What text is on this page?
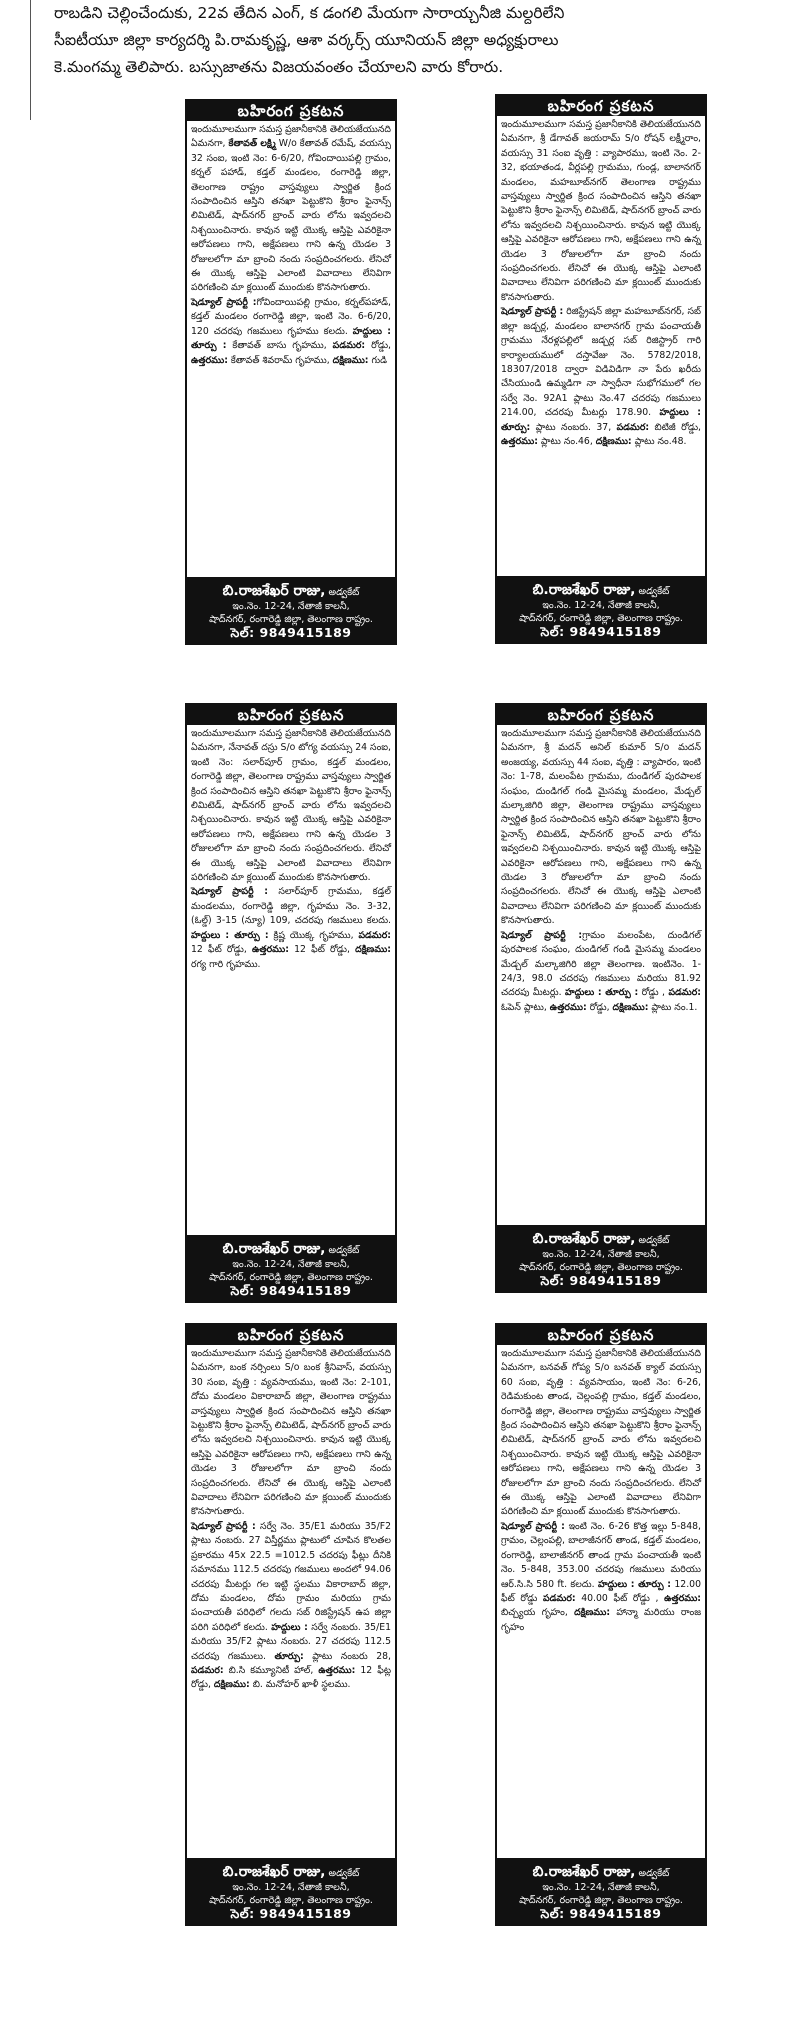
రాబడిని చెల్లించేందుకు, 22వ తేదిన ఎంగ్, క డంగలి మేయగా సారాయ్చనీజి మల్దరిలేని

సీఐటీయూ జిల్లా కార్యదర్శి పి.రామకృష్ణ, ఆశా వర్కర్స్ యూనియన్ జిల్లా అధ్యక్షురాలు

కె.మంగమ్మ తెలిపారు. బస్సుజాతను విజయవంతం చేయాలని వారు కోరారు.

బహిరంగ ప్రకటన

ఇందుమూలముగా సమస్త ప్రజానీకానికి తెలియజేయునది ఏమనగా, కేతావత్ లక్ష్మి W/o కేతావత్ రమేష్, వయస్సు 32 సంఐ, ఇంటి నెం: 6-6/20, గోవిందాయిపల్లి గ్రామం, కర్నల్ పహాడ్, కడ్తల్ మండలం, రంగారెడ్డి జిల్లా, తెలంగాణ రాష్ట్రం వాస్తవ్యులు స్వార్జిత క్రింద సంపాదించిన ఆస్తిని తనఖా పెట్టుకొని శ్రీరాం ఫైనాన్స్ లిమిటెడ్, షాద్‌నగర్ బ్రాంచ్ వారు లోను ఇవ్వదలచి నిశ్చయించినారు. కావున ఇట్టి యొక్క ఆస్తిపై ఎవరికైనా ఆరోపణలు గాని, అక్షేపణలు గాని ఉన్న యెడల 3 రోజులలోగా మా బ్రాంచి నందు సంప్రదించగలరు. లేనిచో ఈ యొక్క ఆస్తిపై ఎలాంటి వివాదాలు లేనివిగా పరిగణించి మా క్లయింట్ ముందుకు కొనసాగుతారు.
షెడ్యూల్ ప్రాపర్టీ :గోవిందాయిపల్లి గ్రామం, కర్నల్‌పహాడ్, కడ్తల్ మండలం రంగారెడ్డి జిల్లా, ఇంటి నెం. 6-6/20, 120 చదరపు గజములు గృహము కలదు. హద్దులు : తూర్పు : కేతావత్ బాసు గృహము, పడమర: రోడ్డు, ఉత్తరము: కేతావత్ శివరామ్ గృహము, దక్షిణము: గుడి

బి.రాజశేఖర్ రాజు, అడ్వకేట్
ఇం.నెం. 12-24, నేతాజీ కాలనీ,
షాద్‌నగర్, రంగారెడ్డి జిల్లా, తెలంగాణ రాష్ట్రం.
సెల్: 9849415189
బహిరంగ ప్రకటన

ఇందుమూలముగా సమస్త ప్రజానీకానికి తెలియజేయునది ఏమనగా, శ్రీ డేగావత్ జయరామ్ S/o రోషన్ లక్ష్మీరాం, వయస్సు 31 సంఐ వృత్తి : వ్యాపారము, ఇంటి నెం. 2-32, భయాతండ, వీర్లపల్లి గ్రామము, గుండ్ల, బాలానగర్ మండలం, మహబూబ్‌నగర్ తెలంగాణ రాష్ట్రము వాస్తవ్యులు స్వార్జిత క్రింద సంపాదించిన ఆస్తిని తనఖా పెట్టుకొని శ్రీరాం ఫైనాన్స్ లిమిటెడ్, షాద్‌నగర్ బ్రాంచ్ వారు లోను ఇవ్వదలచి నిశ్చయించినారు. కావున ఇట్టి యొక్క ఆస్తిపై ఎవరికైనా ఆరోపణలు గాని, అక్షేపణలు గాని ఉన్న యెడల 3 రోజులలోగా మా బ్రాంచి నందు సంప్రదించగలరు. లేనిచో ఈ యొక్క ఆస్తిపై ఎలాంటి వివాదాలు లేనివిగా పరిగణించి మా క్లయింట్ ముందుకు కొనసాగుతారు.
షెడ్యూల్ ప్రాపర్టీ : రిజిస్ట్రేషన్ జిల్లా మహబూబ్‌నగర్, సబ్ జిల్లా జడ్చర్ల, మండలం బాలానగర్ గ్రామ పంచాయతీ గ్రామము నేరళ్లపల్లిలో జడ్చర్ల సబ్ రిజిస్ట్రార్ గారి కార్యాలయములో దస్తావేజు నెం. 5782/2018, 18307/2018 ద్వారా విడివిడిగా నా పేరు ఖరీదు చేసియుండి ఉమ్మడిగా నా స్వాధీనా సుభోగములో గల సర్వే నెం. 92A1 ప్లాటు నెం.47 చదరపు గజములు 214.00, చదరపు మీటర్లు 178.90. హద్దులు : తూర్పు: ప్లాటు నంబరు. 37, పడమర: బిటిజీ రోడ్డు, ఉత్తరము: ప్లాటు నం.46, దక్షిణము: ప్లాటు నం.48.

బి.రాజశేఖర్ రాజు, అడ్వకేట్
ఇం.నెం. 12-24, నేతాజీ కాలనీ,
షాద్‌నగర్, రంగారెడ్డి జిల్లా, తెలంగాణ రాష్ట్రం.
సెల్: 9849415189
బహిరంగ ప్రకటన

ఇందుమూలముగా సమస్త ప్రజానీకానికి తెలియజేయునది ఏమనగా, నేనావత్ దస్రు S/o టోగ్య వయస్సు 24 సంఐ, ఇంటి నెం: సలార్‌పూర్ గ్రామం, కడ్తల్ మండలం, రంగారెడ్డి జిల్లా, తెలంగాణ రాష్ట్రము వాస్తవ్యులు స్వార్జిత క్రింద సంపాదించిన ఆస్తిని తనఖా పెట్టుకొని శ్రీరాం ఫైనాన్స్ లిమిటెడ్, షాద్‌నగర్ బ్రాంచ్ వారు లోను ఇవ్వదలచి నిశ్చయించినారు. కావున ఇట్టి యొక్క ఆస్తిపై ఎవరికైనా ఆరోపణలు గాని, అక్షేపణలు గాని ఉన్న యెడల 3 రోజులలోగా మా బ్రాంచి నందు సంప్రదించగలరు. లేనిచో ఈ యొక్క ఆస్తిపై ఎలాంటి వివాదాలు లేనివిగా పరిగణించి మా క్లయింట్ ముందుకు కొనసాగుతారు.
షెడ్యూల్ ప్రాపర్టీ : సలార్‌పూర్ గ్రామము, కడ్తల్ మండలము, రంగారెడ్డి జిల్లా, గృహము నెం. 3-32, (ఓల్డ్) 3-15 (న్యూ) 109, చదరపు గజములు కలదు. హద్దులు : తూర్పు : క్రిష్ణ యొక్క గృహము, పడమర: 12 ఫీట్ రోడ్డు, ఉత్తరము: 12 ఫీట్ రోడ్డు, దక్షిణము: రగ్య గారి గృహము.

బి.రాజశేఖర్ రాజు, అడ్వకేట్
ఇం.నెం. 12-24, నేతాజీ కాలనీ,
షాద్‌నగర్, రంగారెడ్డి జిల్లా, తెలంగాణ రాష్ట్రం.
సెల్: 9849415189
బహిరంగ ప్రకటన

ఇందుమూలముగా సమస్త ప్రజానీకానికి తెలియజేయునది ఏమనగా, శ్రీ మదన్ అనిల్ కుమార్ S/o మదన్ అంజయ్య, వయస్సు 44 సంఐ, వృత్తి : వ్యాపారం, ఇంటి నెం: 1-78, మలంపేట గ్రామము, దుండిగల్ పురపాలక సంఘం, దుండిగల్ గండి మైసమ్మ మండలం, మేడ్చల్ మల్కాజిగిరి జిల్లా, తెలంగాణ రాష్ట్రము వాస్తవ్యులు స్వార్జిత క్రింద సంపాదించిన ఆస్తిని తనఖా పెట్టుకొని శ్రీరాం ఫైనాన్స్ లిమిటెడ్, షాద్‌నగర్ బ్రాంచ్ వారు లోను ఇవ్వదలచి నిశ్చయించినారు. కావున ఇట్టి యొక్క ఆస్తిపై ఎవరికైనా ఆరోపణలు గాని, అక్షేపణలు గాని ఉన్న యెడల 3 రోజులలోగా మా బ్రాంచి నందు సంప్రదించగలరు. లేనిచో ఈ యొక్క ఆస్తిపై ఎలాంటి వివాదాలు లేనివిగా పరిగణించి మా క్లయింట్ ముందుకు కొనసాగుతారు.
షెడ్యూల్ ప్రాపర్టీ :గ్రామం మలంపేట, దుండిగల్ పురపాలక సంఘం, దుండిగల్ గండి మైసమ్మ మండలం మేడ్చల్ మల్కాజిగిరి జిల్లా తెలంగాణ. ఇంటినెం. 1-24/3, 98.0 చదరపు గజములు మరియు 81.92 చదరపు మీటర్లు. హద్దులు : తూర్పు : రోడ్డు , పడమర: ఓపెన్ ప్లాటు, ఉత్తరము: రోడ్డు, దక్షిణము: ప్లాటు నం.1.

బి.రాజశేఖర్ రాజు, అడ్వకేట్
ఇం.నెం. 12-24, నేతాజీ కాలనీ,
షాద్‌నగర్, రంగారెడ్డి జిల్లా, తెలంగాణ రాష్ట్రం.
సెల్: 9849415189
బహిరంగ ప్రకటన

ఇందుమూలముగా సమస్త ప్రజానీకానికి తెలియజేయునది ఏమనగా, బంక నర్సింలు S/o బంక శ్రీనివాస్, వయస్సు 30 సంఐ, వృత్తి : వ్యవసాయము, ఇంటి నెం: 2-101, దోమ మండలం వికారాబాద్ జిల్లా, తెలంగాణ రాష్ట్రము వాస్తవ్యులు స్వార్జిత క్రింద సంపాదించిన ఆస్తిని తనఖా పెట్టుకొని శ్రీరాం ఫైనాన్స్ లిమిటెడ్, షాద్‌నగర్ బ్రాంచ్ వారు లోను ఇవ్వదలచి నిశ్చయించినారు. కావున ఇట్టి యొక్క ఆస్తిపై ఎవరికైనా ఆరోపణలు గాని, అక్షేపణలు గాని ఉన్న యెడల 3 రోజులలోగా మా బ్రాంచి నందు సంప్రదించగలరు. లేనిచో ఈ యొక్క ఆస్తిపై ఎలాంటి వివాదాలు లేనివిగా పరిగణించి మా క్లయింట్ ముందుకు కొనసాగుతారు.
షెడ్యూల్ ప్రాపర్టీ : సర్వే నెం. 35/E1 మరియు 35/F2 ప్లాటు నంబరు. 27 విస్తీర్ణము ప్లాటులో చూపిన కొలతల ప్రకారము 45x 22.5 =1012.5 చదరపు ఫీట్లు దీనికి సమానము 112.5 చదరపు గజములు అందలో 94.06 చదరపు మీటర్లు గల ఇట్టి స్థలము వికారాబాద్ జిల్లా, దోమ మండలం, దోమ గ్రామం మరియు గ్రామ పంచాయతీ పరిధిలో గలదు సబ్ రిజిస్ట్రేషన్ ఉప జిల్లా పరిగి పరిధిలో కలదు. హద్దులు : సర్వే నంబరు. 35/E1 మరియు 35/F2 ప్లాటు నంబరు. 27 చదరపు 112.5 చదరపు గజములు. తూర్పు: ప్లాటు నంబరు 28, పడమర: బి.సి కమ్యూనిటీ హాల్, ఉత్తరము: 12 ఫీట్ల రోడ్డు, దక్షిణము: బి. మనోహర్ ఖాళీ స్థలము.

బి.రాజశేఖర్ రాజు, అడ్వకేట్
ఇం.నెం. 12-24, నేతాజీ కాలనీ,
షాద్‌నగర్, రంగారెడ్డి జిల్లా, తెలంగాణ రాష్ట్రం.
సెల్: 9849415189
బహిరంగ ప్రకటన

ఇందుమూలముగా సమస్త ప్రజానీకానికి తెలియజేయునది ఏమనగా, బనవత్ గోప్య S/o బనవత్ క్యాల్ వయస్సు 60 సంఐ, వృత్తి : వ్యవసాయం, ఇంటి నెం: 6-26, రెడిమకుంట తాండ, చెల్లంపల్లి గ్రామం, కడ్తల్ మండలం, రంగారెడ్డి జిల్లా, తెలంగాణ రాష్ట్రము వాస్తవ్యులు స్వార్జిత క్రింద సంపాదించిన ఆస్తిని తనఖా పెట్టుకొని శ్రీరాం ఫైనాన్స్ లిమిటెడ్, షాద్‌నగర్ బ్రాంచ్ వారు లోను ఇవ్వదలచి నిశ్చయించినారు. కావున ఇట్టి యొక్క ఆస్తిపై ఎవరికైనా ఆరోపణలు గాని, అక్షేపణలు గాని ఉన్న యెడల 3 రోజులలోగా మా బ్రాంచి నందు సంప్రదించగలరు. లేనిచో ఈ యొక్క ఆస్తిపై ఎలాంటి వివాదాలు లేనివిగా పరిగణించి మా క్లయింట్ ముందుకు కొనసాగుతారు.
షెడ్యూల్ ప్రాపర్టీ : ఇంటి నెం. 6-26 కొత్త ఇల్లు 5-848, గ్రామం, చెల్లంపల్లి, బాలాజీనగర్ తాండ, కడ్తల్ మండలం, రంగారెడ్డి, బాలాజీనగర్ తాండ గ్రామ పంచాయతీ ఇంటి నెం. 5-848, 353.00 చదరపు గజములు మరియు ఆర్.సి.సి 580 ft. కలదు. హద్దులు : తూర్పు : 12.00 ఫీట్ రోడ్డు పడమర: 40.00 ఫీట్ రోడ్డు , ఉత్తరము: బిచ్చ్యయ గృహం, దక్షిణము: హాన్మా మరియు రాంజ గృహం

బి.రాజశేఖర్ రాజు, అడ్వకేట్
ఇం.నెం. 12-24, నేతాజీ కాలనీ,
షాద్‌నగర్, రంగారెడ్డి జిల్లా, తెలంగాణ రాష్ట్రం.
సెల్: 9849415189
